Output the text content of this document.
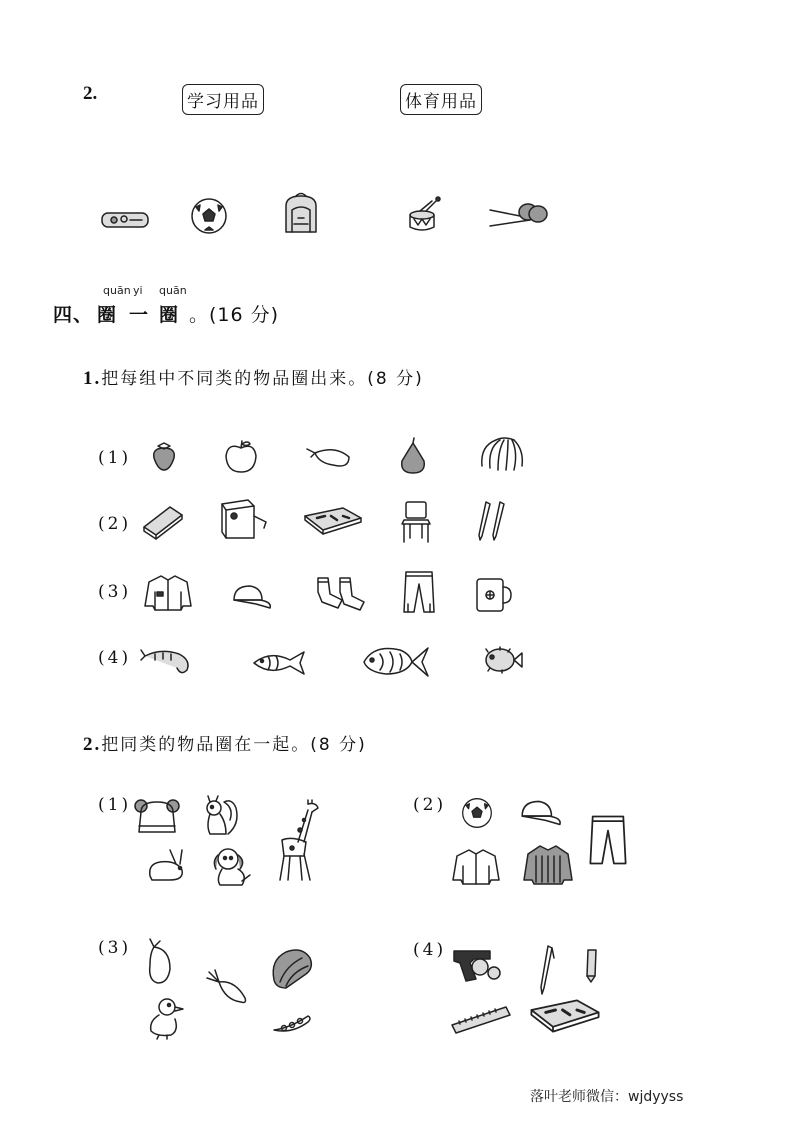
2.	学习用品	体育用品
quān yi quān
四、 圈 一 圈 。(16 分)
1.把每组中不同类的物品圈出来。(8 分)
(1)
(2)
(3)
(4)
2.把同类的物品圈在一起。(8 分)
(1)	(2)
(3)	(4)
落叶老师微信：wjdyyss
